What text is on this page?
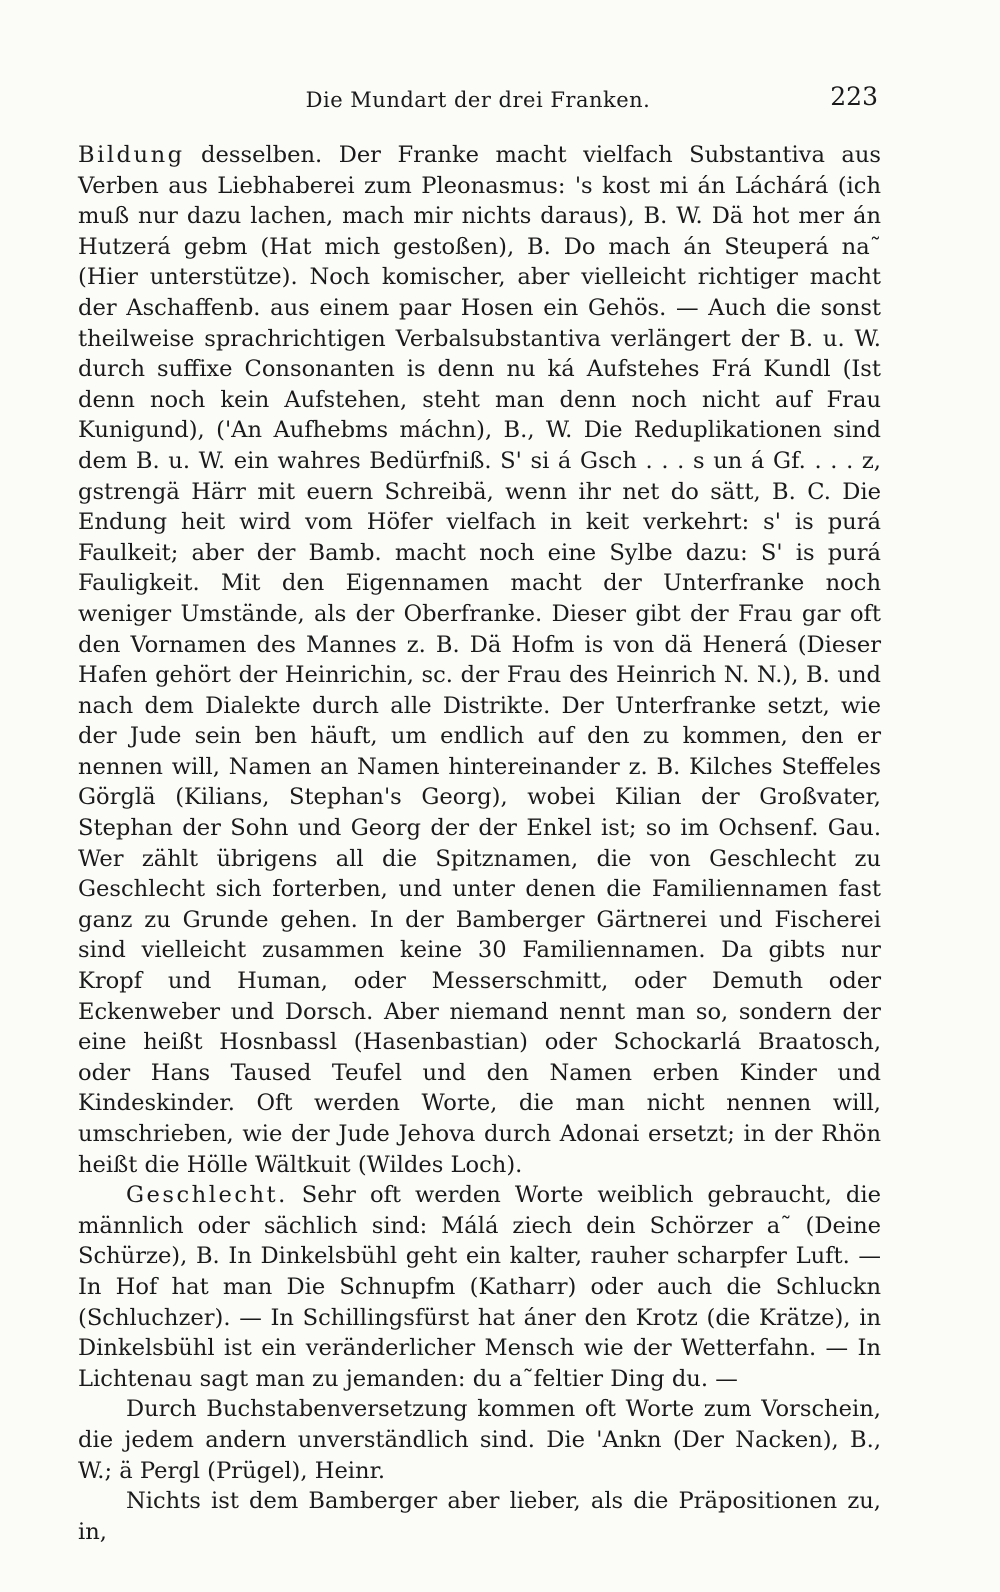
Die Mundart der drei Franken.	223

Bildung desselben. Der Franke macht vielfach Substantiva aus Verben aus Liebhaberei zum Pleonasmus: 's kost mi án Láchárá (ich muß nur dazu lachen, mach mir nichts daraus), B. W. Dä hot mer án Hutzerá gebm (Hat mich gestoßen), B. Do mach án Steuperá na˜ (Hier unterstütze). Noch komischer, aber vielleicht richtiger macht der Aschaffenb. aus einem paar Hosen ein Gehös. — Auch die sonst theilweise sprachrichtigen Verbalsubstantiva verlängert der B. u. W. durch suffixe Consonanten is denn nu ká Aufstehes Frá Kundl (Ist denn noch kein Aufstehen, steht man denn noch nicht auf Frau Kunigund), ('An Aufhebms máchn), B., W. Die Reduplikationen sind dem B. u. W. ein wahres Bedürfniß. S' si á Gsch . . . s un á Gf. . . . z, gstrengä Härr mit euern Schreibä, wenn ihr net do sätt, B. C. Die Endung heit wird vom Höfer vielfach in keit verkehrt: s' is purá Faulkeit; aber der Bamb. macht noch eine Sylbe dazu: S' is purá Fauligkeit. Mit den Eigennamen macht der Unterfranke noch weniger Umstände, als der Oberfranke. Dieser gibt der Frau gar oft den Vornamen des Mannes z. B. Dä Hofm is von dä Henerá (Dieser Hafen gehört der Heinrichin, sc. der Frau des Heinrich N. N.), B. und nach dem Dialekte durch alle Distrikte. Der Unterfranke setzt, wie der Jude sein ben häuft, um endlich auf den zu kommen, den er nennen will, Namen an Namen hintereinander z. B. Kilches Steffeles Görglä (Kilians, Stephan's Georg), wobei Kilian der Großvater, Stephan der Sohn und Georg der der Enkel ist; so im Ochsenf. Gau. Wer zählt übrigens all die Spitznamen, die von Geschlecht zu Geschlecht sich forterben, und unter denen die Familiennamen fast ganz zu Grunde gehen. In der Bamberger Gärtnerei und Fischerei sind vielleicht zusammen keine 30 Familiennamen. Da gibts nur Kropf und Human, oder Messerschmitt, oder Demuth oder Eckenweber und Dorsch. Aber niemand nennt man so, sondern der eine heißt Hosnbassl (Hasenbastian) oder Schockarlá Braatosch, oder Hans Taused Teufel und den Namen erben Kinder und Kindeskinder. Oft werden Worte, die man nicht nennen will, umschrieben, wie der Jude Jehova durch Adonai ersetzt; in der Rhön heißt die Hölle Wältkuit (Wildes Loch).

Geschlecht. Sehr oft werden Worte weiblich gebraucht, die männlich oder sächlich sind: Málá ziech dein Schörzer a˜ (Deine Schürze), B. In Dinkelsbühl geht ein kalter, rauher scharpfer Luft. — In Hof hat man Die Schnupfm (Katharr) oder auch die Schluckn (Schluchzer). — In Schillingsfürst hat áner den Krotz (die Krätze), in Dinkelsbühl ist ein veränderlicher Mensch wie der Wetterfahn. — In Lichtenau sagt man zu jemanden: du a˜feltier Ding du. —

Durch Buchstabenversetzung kommen oft Worte zum Vorschein, die jedem andern unverständlich sind. Die 'Ankn (Der Nacken), B., W.; ä Pergl (Prügel), Heinr.

Nichts ist dem Bamberger aber lieber, als die Präpositionen zu, in,
